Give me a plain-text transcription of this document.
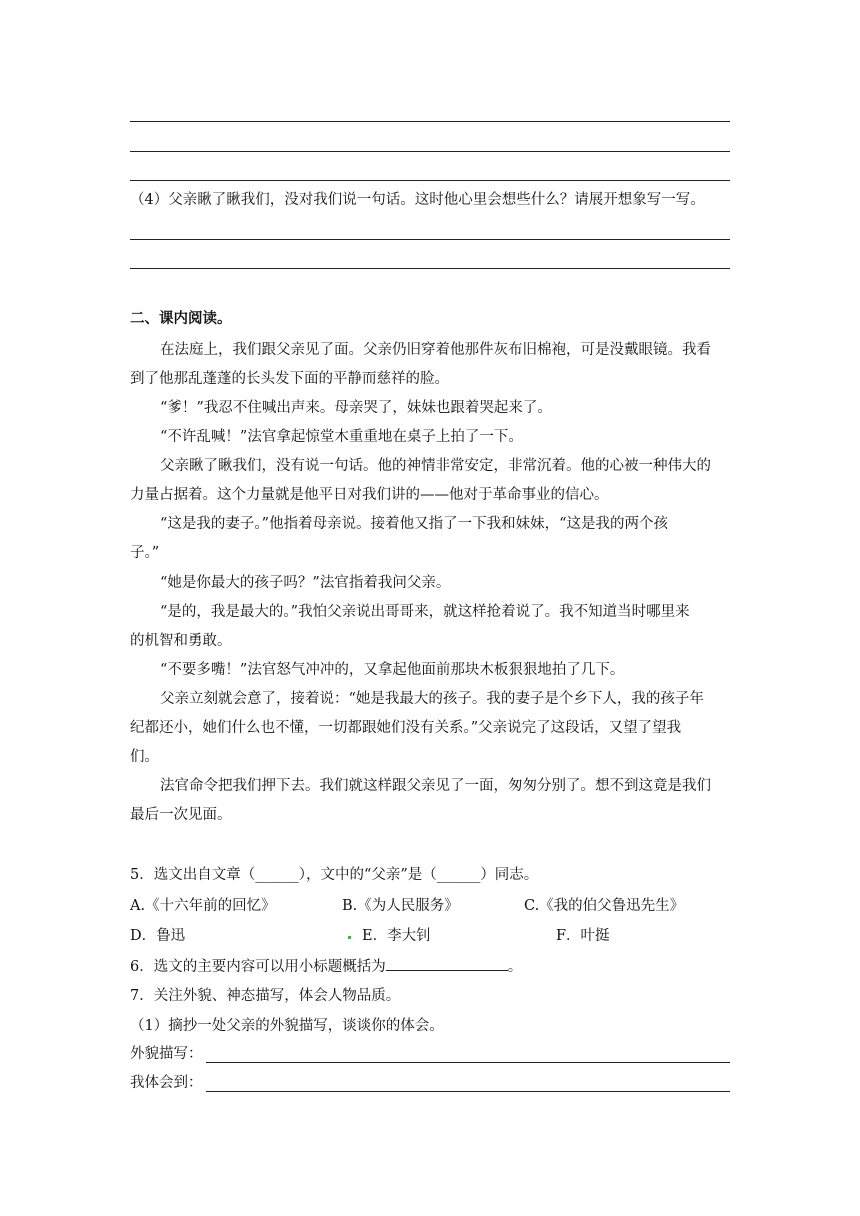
（4）父亲瞅了瞅我们，没对我们说一句话。这时他心里会想些什么？请展开想象写一写。
二、课内阅读。
在法庭上，我们跟父亲见了面。父亲仍旧穿着他那件灰布旧棉袍，可是没戴眼镜。我看
到了他那乱蓬蓬的长头发下面的平静而慈祥的脸。
“爹！”我忍不住喊出声来。母亲哭了，妹妹也跟着哭起来了。
“不许乱喊！”法官拿起惊堂木重重地在桌子上拍了一下。
父亲瞅了瞅我们，没有说一句话。他的神情非常安定，非常沉着。他的心被一种伟大的
力量占据着。这个力量就是他平日对我们讲的——他对于革命事业的信心。
“这是我的妻子。”他指着母亲说。接着他又指了一下我和妹妹，“这是我的两个孩
子。”
“她是你最大的孩子吗？”法官指着我问父亲。
“是的，我是最大的。”我怕父亲说出哥哥来，就这样抢着说了。我不知道当时哪里来
的机智和勇敢。
“不要多嘴！”法官怒气冲冲的，又拿起他面前那块木板狠狠地拍了几下。
父亲立刻就会意了，接着说：“她是我最大的孩子。我的妻子是个乡下人，我的孩子年
纪都还小，她们什么也不懂，一切都跟她们没有关系。”父亲说完了这段话，又望了望我
们。
法官命令把我们押下去。我们就这样跟父亲见了一面，匆匆分别了。想不到这竟是我们
最后一次见面。
5．选文出自文章（______），文中的“父亲”是（______）同志。
A.《十六年前的回忆》	B.《为人民服务》	C.《我的伯父鲁迅先生》
D．鲁迅	E．李大钊	F．叶挺
6．选文的主要内容可以用小标题概括为	。
7．关注外貌、神态描写，体会人物品质。
（1）摘抄一处父亲的外貌描写，谈谈你的体会。
外貌描写：
我体会到：
